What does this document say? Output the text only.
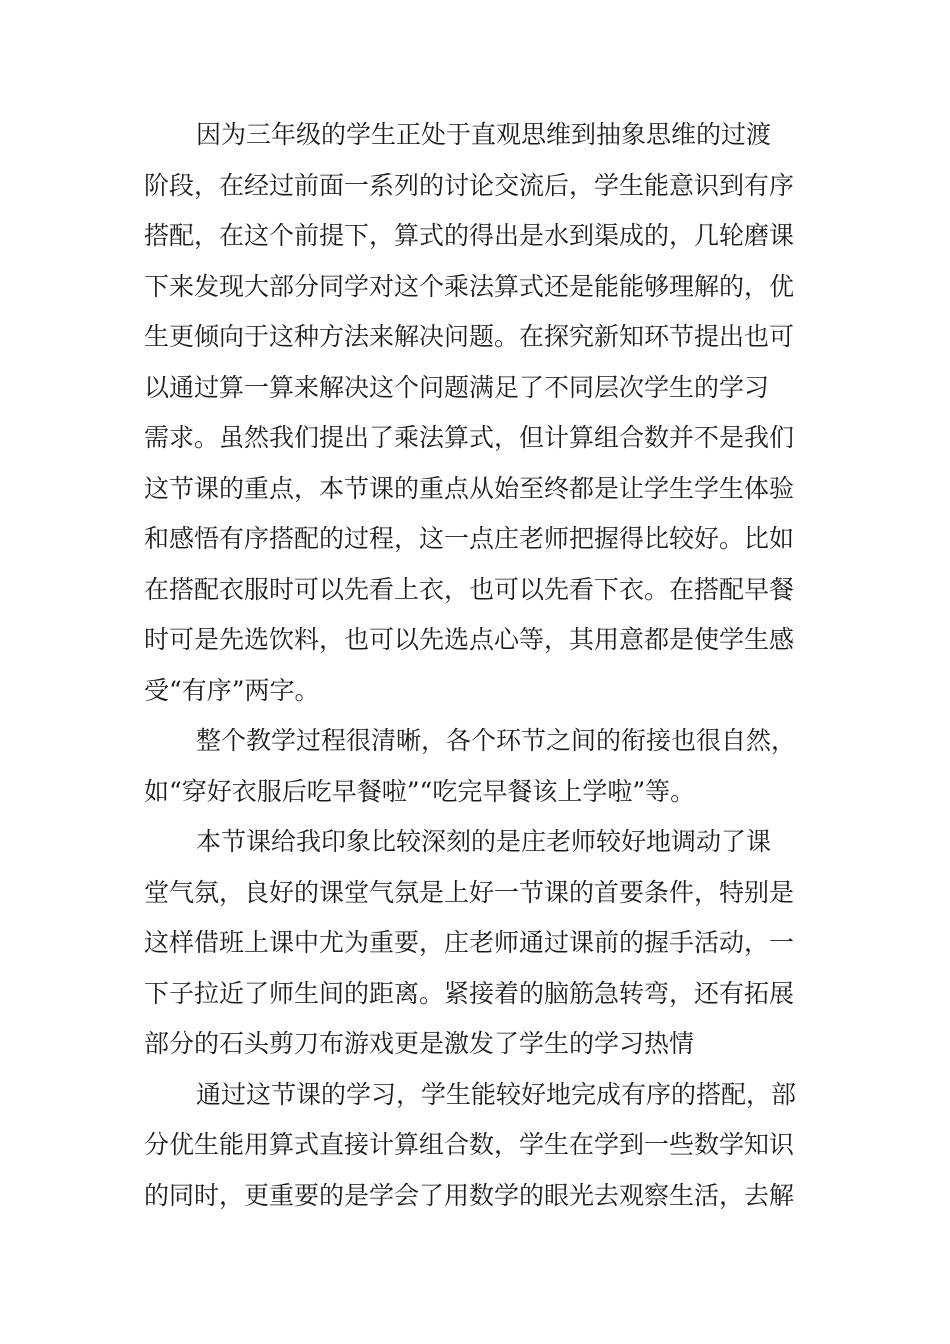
因为三年级的学生正处于直观思维到抽象思维的过渡
阶段，在经过前面一系列的讨论交流后，学生能意识到有序
搭配，在这个前提下，算式的得出是水到渠成的，几轮磨课
下来发现大部分同学对这个乘法算式还是能能够理解的，优
生更倾向于这种方法来解决问题。在探究新知环节提出也可
以通过算一算来解决这个问题满足了不同层次学生的学习
需求。虽然我们提出了乘法算式，但计算组合数并不是我们
这节课的重点，本节课的重点从始至终都是让学生学生体验
和感悟有序搭配的过程，这一点庄老师把握得比较好。比如
在搭配衣服时可以先看上衣，也可以先看下衣。在搭配早餐
时可是先选饮料，也可以先选点心等，其用意都是使学生感
受“有序”两字。
整个教学过程很清晰，各个环节之间的衔接也很自然，
如“穿好衣服后吃早餐啦”“吃完早餐该上学啦”等。
本节课给我印象比较深刻的是庄老师较好地调动了课
堂气氛，良好的课堂气氛是上好一节课的首要条件，特别是
这样借班上课中尤为重要，庄老师通过课前的握手活动，一
下子拉近了师生间的距离。紧接着的脑筋急转弯，还有拓展
部分的石头剪刀布游戏更是激发了学生的学习热情
通过这节课的学习，学生能较好地完成有序的搭配，部
分优生能用算式直接计算组合数，学生在学到一些数学知识
的同时，更重要的是学会了用数学的眼光去观察生活，去解
